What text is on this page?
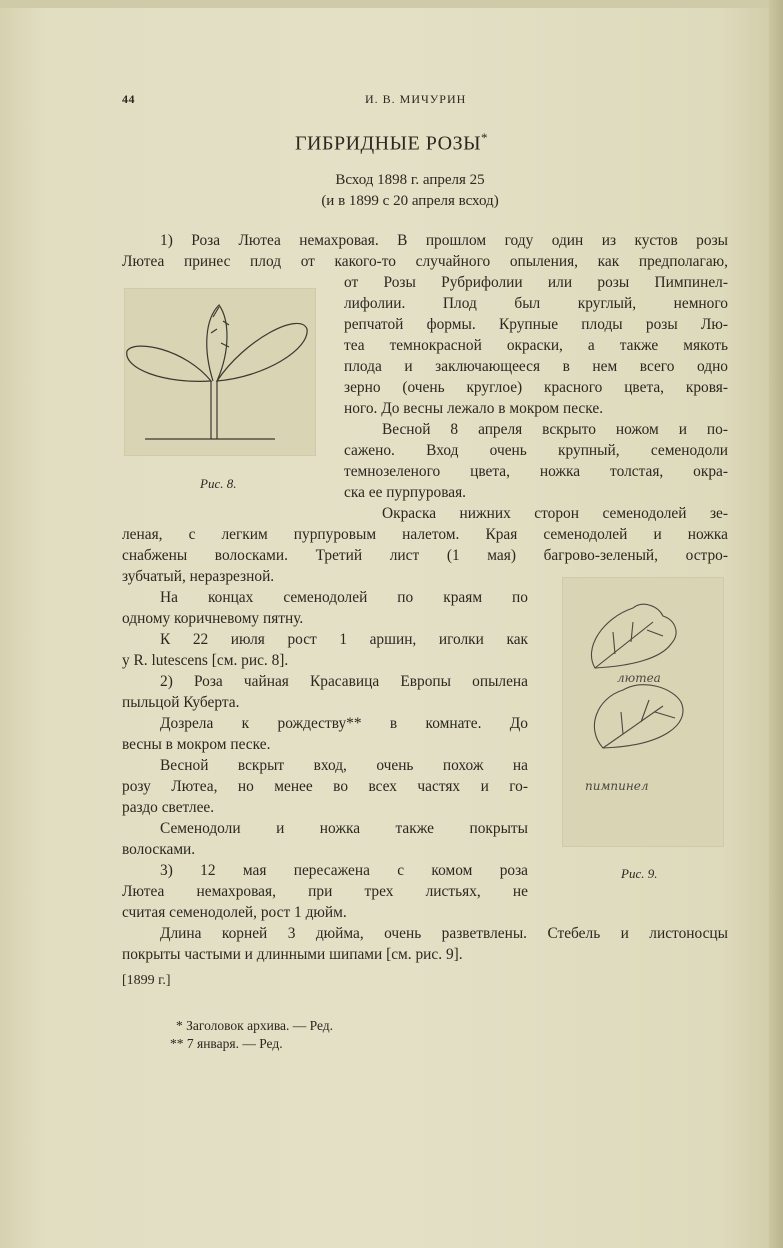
44	И. В. МИЧУРИН
ГИБРИДНЫЕ РОЗЫ*
Всход 1898 г. апреля 25
(и в 1899 с 20 апреля всход)
Рис. 8.
лютеа
пимпинел
Рис. 9.
1) Роза Лютеа немахровая. В прошлом году один из кустов розы
Лютеа принес плод от какого-то случайного опыления, как предполагаю,
от Розы Рубрифолии или розы Пимпинел-
лифолии. Плод был круглый, немного
репчатой формы. Крупные плоды розы Лю-
теа темнокрасной окраски, а также мякоть
плода и заключающееся в нем всего одно
зерно (очень круглое) красного цвета, кровя-
ного. До весны лежало в мокром песке.
Весной 8 апреля вскрыто ножом и по-
сажено. Вход очень крупный, семенодоли
темнозеленого цвета, ножка толстая, окра-
ска ее пурпуровая.
Окраска нижних сторон семенодолей зе-
леная, с легким пурпуровым налетом. Края семенодолей и ножка
снабжены волосками. Третий лист (1 мая) багрово-зеленый, остро-
зубчатый, неразрезной.
На концах семенодолей по краям по
одному коричневому пятну.
К 22 июля рост 1 аршин, иголки как
у R. lutescens [см. рис. 8].
2) Роза чайная Красавица Европы опылена
пыльцой Куберта.
Дозрела к рождеству** в комнате. До
весны в мокром песке.
Весной вскрыт вход, очень похож на
розу Лютеа, но менее во всех частях и го-
раздо светлее.
Семенодоли и ножка также покрыты
волосками.
3) 12 мая пересажена с комом роза
Лютеа немахровая, при трех листьях, не
считая семенодолей, рост 1 дюйм.
Длина корней 3 дюйма, очень разветвлены. Стебель и листоносцы
покрыты частыми и длинными шипами [см. рис. 9].
[1899 г.]
* Заголовок архива. — Ред.
** 7 января. — Ред.
